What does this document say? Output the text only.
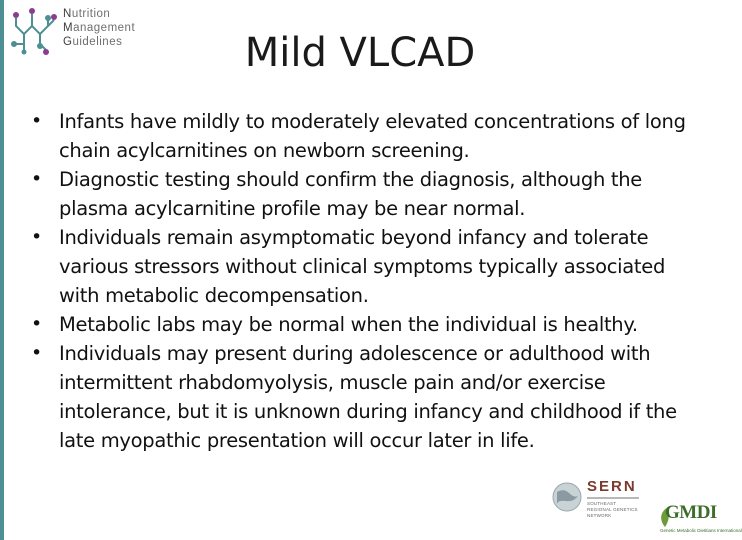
Nutrition
Management
Guidelines	Mild VLCAD
• Infants have mildly to moderately elevated concentrations of long chain acylcarnitines on newborn screening.
• Diagnostic testing should confirm the diagnosis, although the plasma acylcarnitine profile may be near normal.
• Individuals remain asymptomatic beyond infancy and tolerate various stressors without clinical symptoms typically associated with metabolic decompensation.
• Metabolic labs may be normal when the individual is healthy.
• Individuals may present during adolescence or adulthood with intermittent rhabdomyolysis, muscle pain and/or exercise intolerance, but it is unknown during infancy and childhood if the late myopathic presentation will occur later in life.
SERN
SOUTHEAST REGIONAL GENETICS NETWORK	GMDI
Genetic Metabolic Dietitians International
